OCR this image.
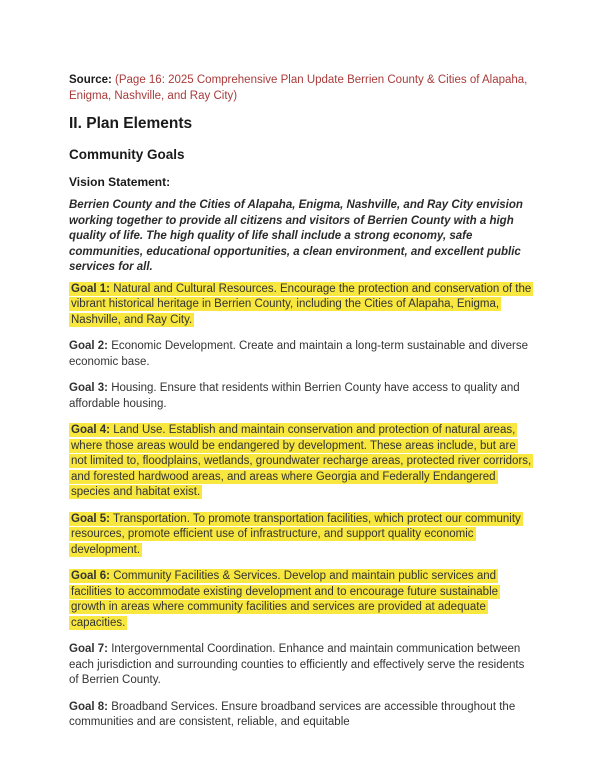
Source: (Page 16: 2025 Comprehensive Plan Update Berrien County & Cities of Alapaha, Enigma, Nashville, and Ray City)

II. Plan Elements
Community Goals
Vision Statement:

Berrien County and the Cities of Alapaha, Enigma, Nashville, and Ray City envision working together to provide all citizens and visitors of Berrien County with a high quality of life. The high quality of life shall include a strong economy, safe communities, educational opportunities, a clean environment, and excellent public services for all.

Goal 1: Natural and Cultural Resources. Encourage the protection and conservation of the vibrant historical heritage in Berrien County, including the Cities of Alapaha, Enigma, Nashville, and Ray City.

Goal 2: Economic Development. Create and maintain a long-term sustainable and diverse economic base.

Goal 3: Housing. Ensure that residents within Berrien County have access to quality and affordable housing.

Goal 4: Land Use. Establish and maintain conservation and protection of natural areas, where those areas would be endangered by development. These areas include, but are not limited to, floodplains, wetlands, groundwater recharge areas, protected river corridors, and forested hardwood areas, and areas where Georgia and Federally Endangered species and habitat exist.

Goal 5: Transportation. To promote transportation facilities, which protect our community resources, promote efficient use of infrastructure, and support quality economic development.

Goal 6: Community Facilities & Services. Develop and maintain public services and facilities to accommodate existing development and to encourage future sustainable growth in areas where community facilities and services are provided at adequate capacities.

Goal 7: Intergovernmental Coordination. Enhance and maintain communication between each jurisdiction and surrounding counties to efficiently and effectively serve the residents of Berrien County.

Goal 8: Broadband Services. Ensure broadband services are accessible throughout the communities and are consistent, reliable, and equitable
